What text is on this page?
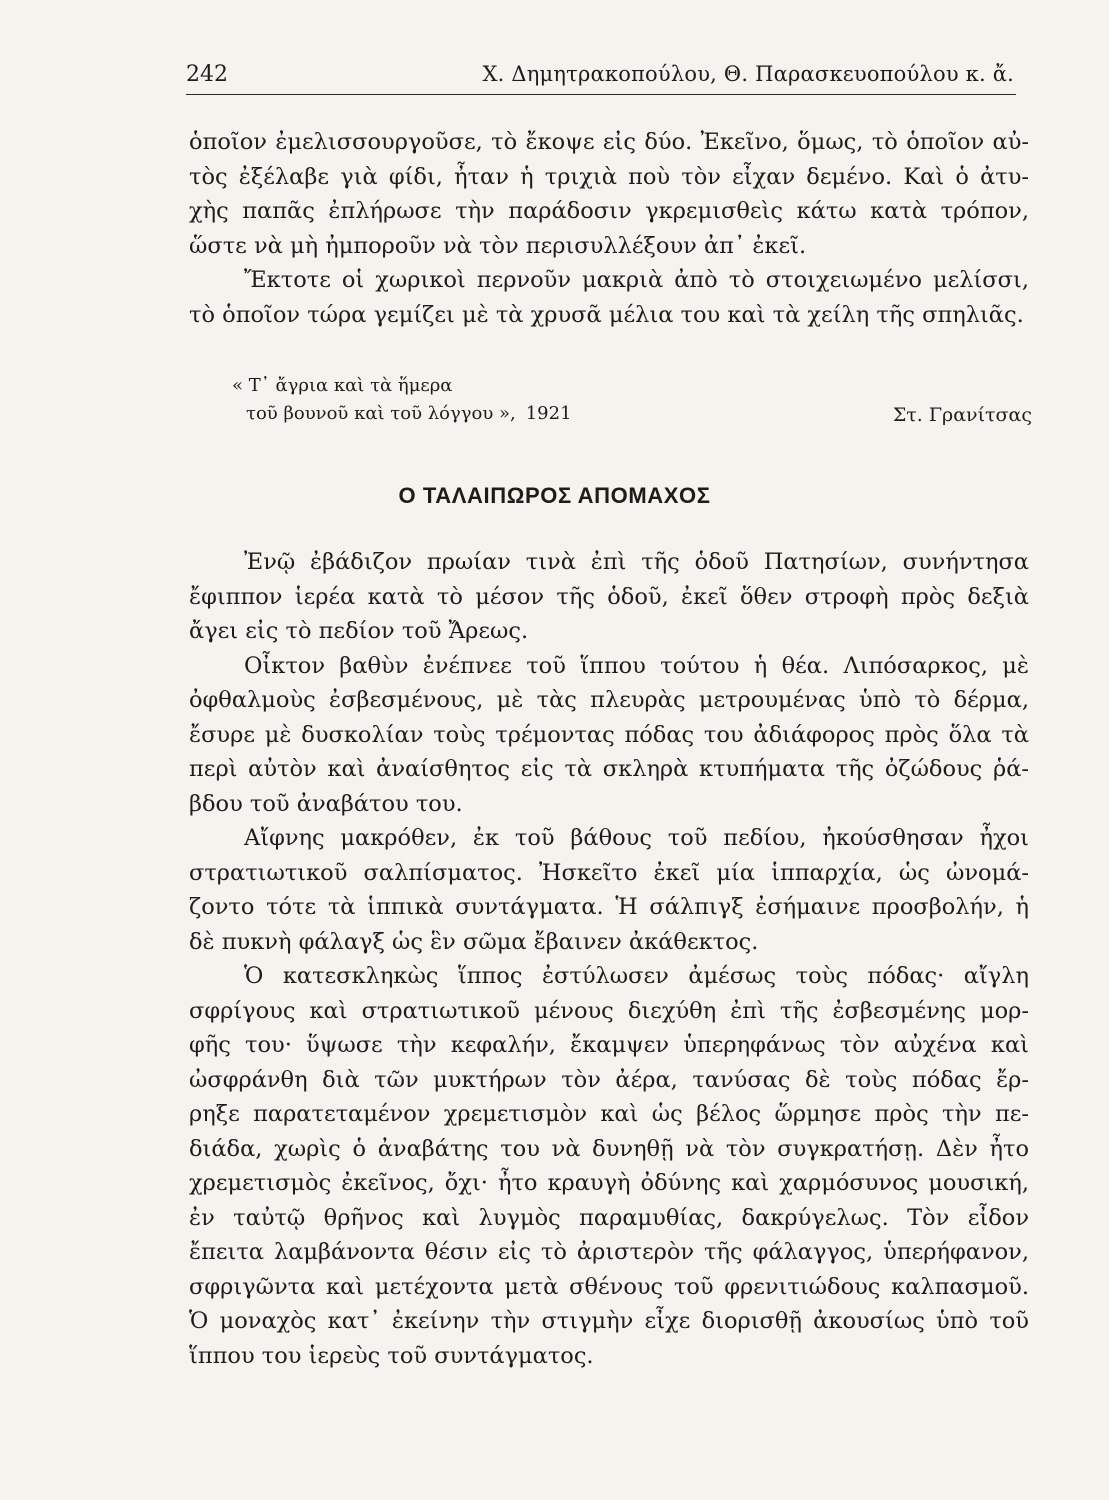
242	Χ. Δημητρακοπούλου, Θ. Παρασκευοπούλου κ. ἄ.
ὁποῖον ἐμελισσουργοῦσε, τὸ ἔκοψε εἰς δύο. Ἐκεῖνο, ὅμως, τὸ ὁποῖον αὐ-
τὸς ἐξέλαβε γιὰ φίδι, ἦταν ἡ τριχιὰ ποὺ τὸν εἶχαν δεμένο. Καὶ ὁ ἀτυ-
χὴς παπᾶς ἐπλήρωσε τὴν παράδοσιν γκρεμισθεὶς κάτω κατὰ τρόπον,
ὥστε νὰ μὴ ἠμποροῦν νὰ τὸν περισυλλέξουν ἀπ᾽ ἐκεῖ.
Ἔκτοτε οἱ χωρικοὶ περνοῦν μακριὰ ἀπὸ τὸ στοιχειωμένο μελίσσι,
τὸ ὁποῖον τώρα γεμίζει μὲ τὰ χρυσᾶ μέλια του καὶ τὰ χείλη τῆς σπηλιᾶς.
« Τ᾽ ἄγρια καὶ τὰ ἥμερα
τοῦ βουνοῦ καὶ τοῦ λόγγου », 1921	Στ. Γρανίτσας
Ο ΤΑΛΑΙΠΩΡΟΣ ΑΠΟΜΑΧΟΣ
Ἐνῷ ἐβάδιζον πρωίαν τινὰ ἐπὶ τῆς ὁδοῦ Πατησίων, συνήντησα
ἔφιππον ἱερέα κατὰ τὸ μέσον τῆς ὁδοῦ, ἐκεῖ ὅθεν στροφὴ πρὸς δεξιὰ
ἄγει εἰς τὸ πεδίον τοῦ Ἄρεως.
Οἶκτον βαθὺν ἐνέπνεε τοῦ ἵππου τούτου ἡ θέα. Λιπόσαρκος, μὲ
ὀφθαλμοὺς ἐσβεσμένους, μὲ τὰς πλευρὰς μετρουμένας ὑπὸ τὸ δέρμα,
ἔσυρε μὲ δυσκολίαν τοὺς τρέμοντας πόδας του ἀδιάφορος πρὸς ὅλα τὰ
περὶ αὐτὸν καὶ ἀναίσθητος εἰς τὰ σκληρὰ κτυπήματα τῆς ὀζώδους ῥά-
βδου τοῦ ἀναβάτου του.
Αἴφνης μακρόθεν, ἐκ τοῦ βάθους τοῦ πεδίου, ἠκούσθησαν ἦχοι
στρατιωτικοῦ σαλπίσματος. Ἠσκεῖτο ἐκεῖ μία ἱππαρχία, ὡς ὠνομά-
ζοντο τότε τὰ ἱππικὰ συντάγματα. Ἡ σάλπιγξ ἐσήμαινε προσβολήν, ἡ
δὲ πυκνὴ φάλαγξ ὡς ἓν σῶμα ἔβαινεν ἀκάθεκτος.
Ὁ κατεσκληκὼς ἵππος ἐστύλωσεν ἀμέσως τοὺς πόδας· αἴγλη
σφρίγους καὶ στρατιωτικοῦ μένους διεχύθη ἐπὶ τῆς ἐσβεσμένης μορ-
φῆς του· ὕψωσε τὴν κεφαλήν, ἔκαμψεν ὑπερηφάνως τὸν αὐχένα καὶ
ὠσφράνθη διὰ τῶν μυκτήρων τὸν ἀέρα, τανύσας δὲ τοὺς πόδας ἔρ-
ρηξε παρατεταμένον χρεμετισμὸν καὶ ὡς βέλος ὥρμησε πρὸς τὴν πε-
διάδα, χωρὶς ὁ ἀναβάτης του νὰ δυνηθῇ νὰ τὸν συγκρατήσῃ. Δὲν ἦτο
χρεμετισμὸς ἐκεῖνος, ὄχι· ἦτο κραυγὴ ὀδύνης καὶ χαρμόσυνος μουσική,
ἐν ταὐτῷ θρῆνος καὶ λυγμὸς παραμυθίας, δακρύγελως. Τὸν εἶδον
ἔπειτα λαμβάνοντα θέσιν εἰς τὸ ἀριστερὸν τῆς φάλαγγος, ὑπερήφανον,
σφριγῶντα καὶ μετέχοντα μετὰ σθένους τοῦ φρενιτιώδους καλπασμοῦ.
Ὁ μοναχὸς κατ᾽ ἐκείνην τὴν στιγμὴν εἶχε διορισθῇ ἀκουσίως ὑπὸ τοῦ
ἵππου του ἱερεὺς τοῦ συντάγματος.
